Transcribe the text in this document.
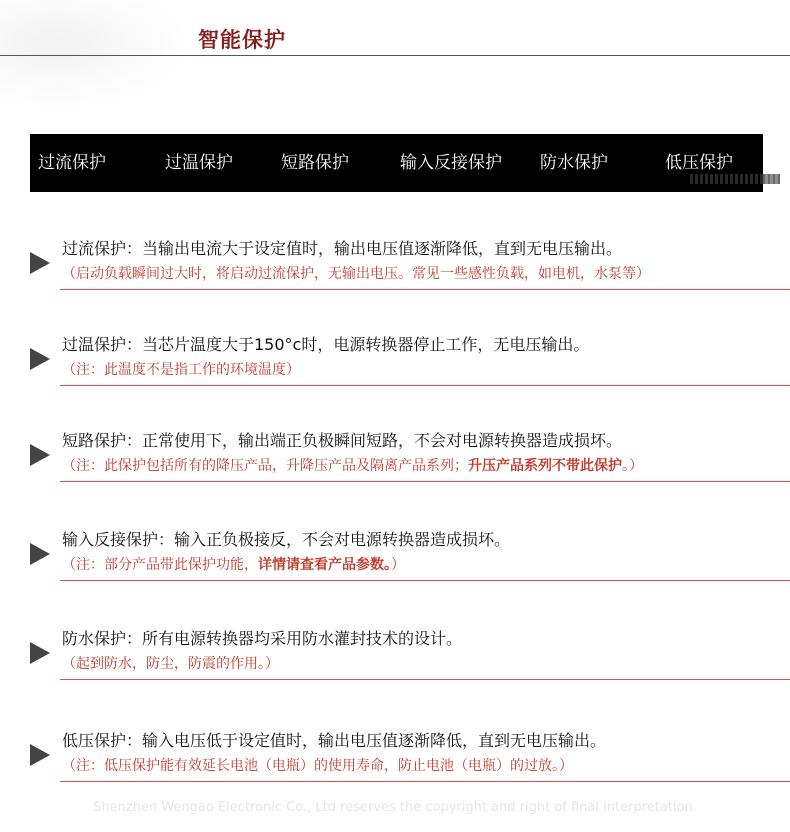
智能保护
过流保护	过温保护	短路保护	输入反接保护 防水保护	低压保护
过流保护：当输出电流大于设定值时，输出电压值逐渐降低，直到无电压输出。
（启动负载瞬间过大时，将启动过流保护，无输出电压。常见一些感性负载，如电机，水泵等）
过温保护：当芯片温度大于150°c时，电源转换器停止工作，无电压输出。
（注：此温度不是指工作的环境温度）
短路保护：正常使用下，输出端正负极瞬间短路，不会对电源转换器造成损坏。
（注：此保护包括所有的降压产品，升降压产品及隔离产品系列；升压产品系列不带此保护。）
输入反接保护：输入正负极接反，不会对电源转换器造成损坏。
（注：部分产品带此保护功能，详情请查看产品参数。）
防水保护：所有电源转换器均采用防水灌封技术的设计。
（起到防水，防尘，防震的作用。）
低压保护：输入电压低于设定值时，输出电压值逐渐降低，直到无电压输出。
（注：低压保护能有效延长电池（电瓶）的使用寿命，防止电池（电瓶）的过放。）
Shenzhen Wengao Electronic Co., Ltd reserves the copyright and right of final interpretation.
